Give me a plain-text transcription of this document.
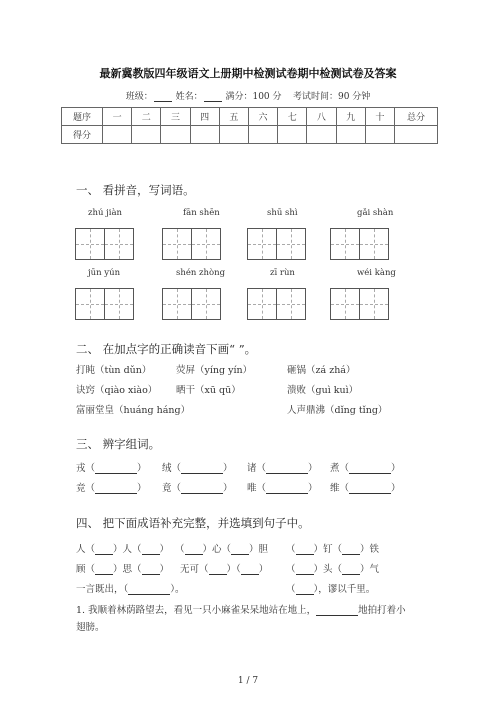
最新冀教版四年级语文上册期中检测试卷期中检测试卷及答案
班级：	姓名：	满分：100 分 考试时间：90 分钟
题序	一	二	三	四	五	六	七	八	九	十	总分
得分											
一、 看拼音，写词语。
zhú jiàn	fān shēn	shū shì	gǎi shàn
jūn yún	shén zhòng	zī rùn	wéi kàng
二、 在加点字的正确读音下画“ ”。
打盹（tùn dǔn）	荧屏（yíng yín）	砸锅（zá zhá）
诀窍（qiào xiào） 晒干（xū qū）	溃败（guì kuì）
富丽堂皇（huáng háng）	人声鼎沸（dǐng tǐng）
三、 辨字组词。
戎（	） 绒（	） 诸（	） 煮（	）
竞（	） 竟（	） 唯（	） 维（	）
四、 把下面成语补充完整，并选填到句子中。
人（ ）人（ ） （ ）心（ ）胆 （ ）钉（ ）铁
顾（ ）思（ ） 无可（ ）（ ） （ ）头（ ）气
一言既出，（	）。	（ ），谬以千里。
1. 我顺着林荫路望去，看见一只小麻雀呆呆地站在地上，	地拍打着小
翅膀。
1 / 7
